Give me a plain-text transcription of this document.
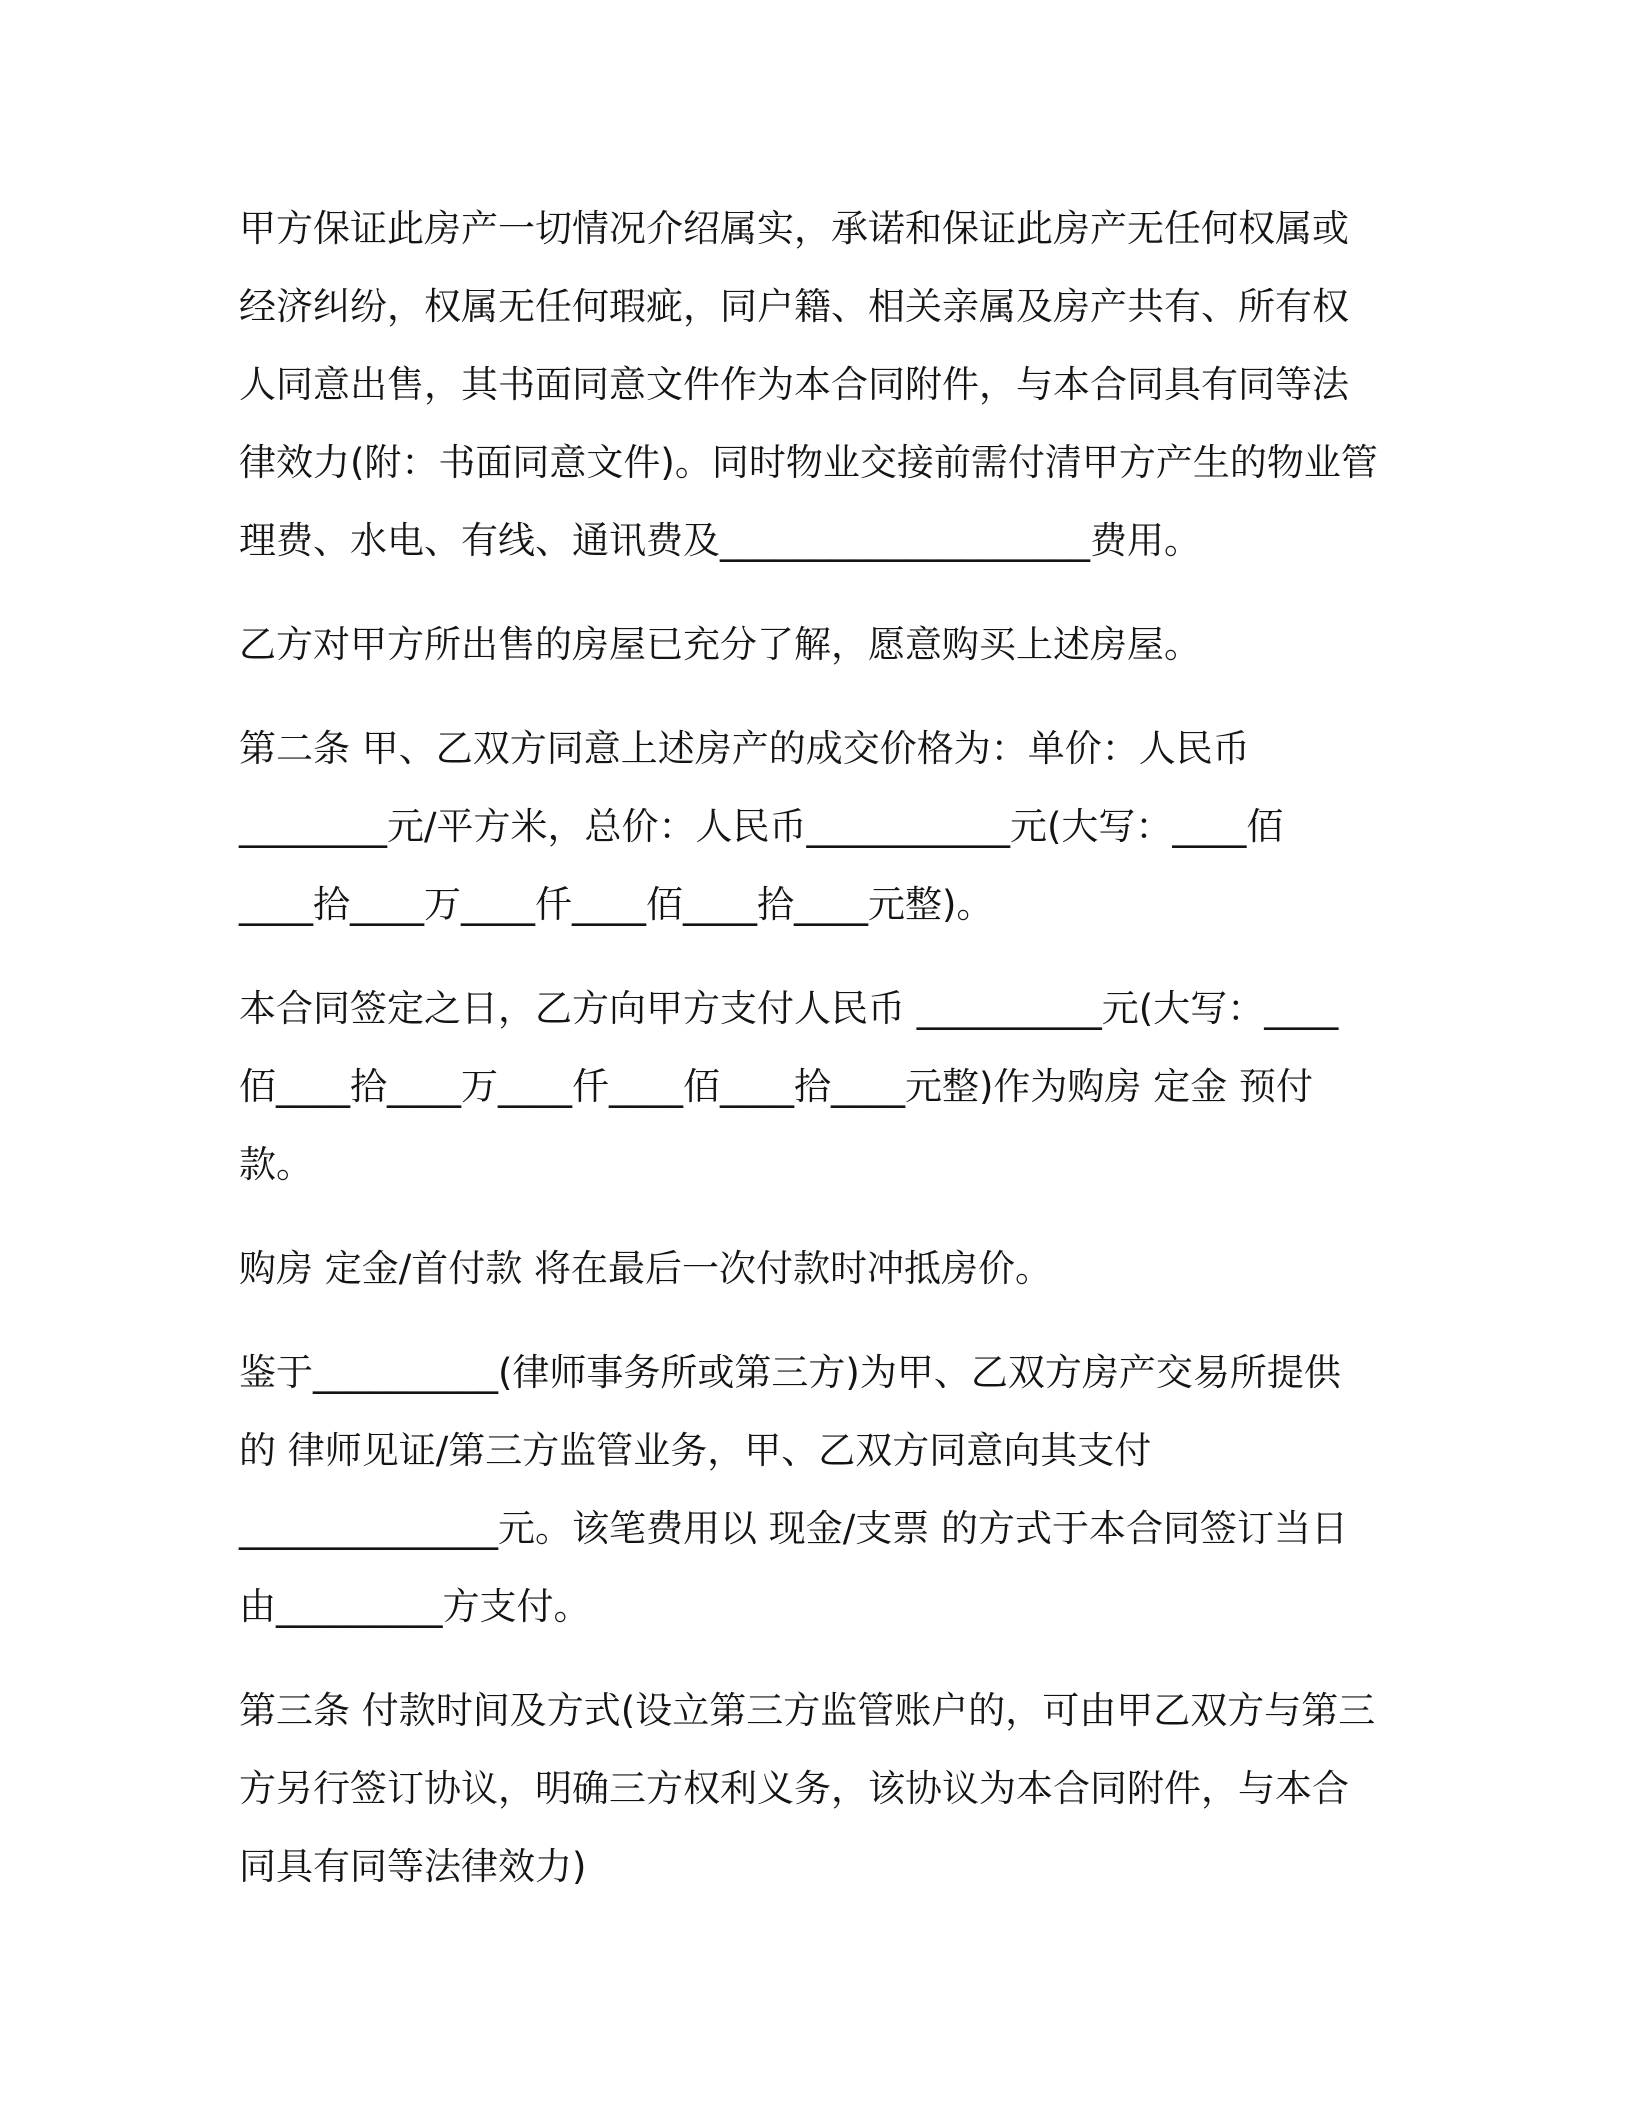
甲方保证此房产一切情况介绍属实，承诺和保证此房产无任何权属或
经济纠纷，权属无任何瑕疵，同户籍、相关亲属及房产共有、所有权
人同意出售，其书面同意文件作为本合同附件，与本合同具有同等法
律效力(附：书面同意文件)。同时物业交接前需付清甲方产生的物业管
理费、水电、有线、通讯费及____________________费用。
乙方对甲方所出售的房屋已充分了解，愿意购买上述房屋。
第二条 甲、乙双方同意上述房产的成交价格为：单价：人民币
________元/平方米，总价：人民币___________元(大写：____佰
____拾____万____仟____佰____拾____元整)。
本合同签定之日，乙方向甲方支付人民币 __________元(大写：____
佰____拾____万____仟____佰____拾____元整)作为购房 定金 预付
款。
购房 定金/首付款 将在最后一次付款时冲抵房价。
鉴于__________(律师事务所或第三方)为甲、乙双方房产交易所提供
的 律师见证/第三方监管业务，甲、乙双方同意向其支付
______________元。该笔费用以 现金/支票 的方式于本合同签订当日
由_________方支付。
第三条 付款时间及方式(设立第三方监管账户的，可由甲乙双方与第三
方另行签订协议，明确三方权利义务，该协议为本合同附件，与本合
同具有同等法律效力)
